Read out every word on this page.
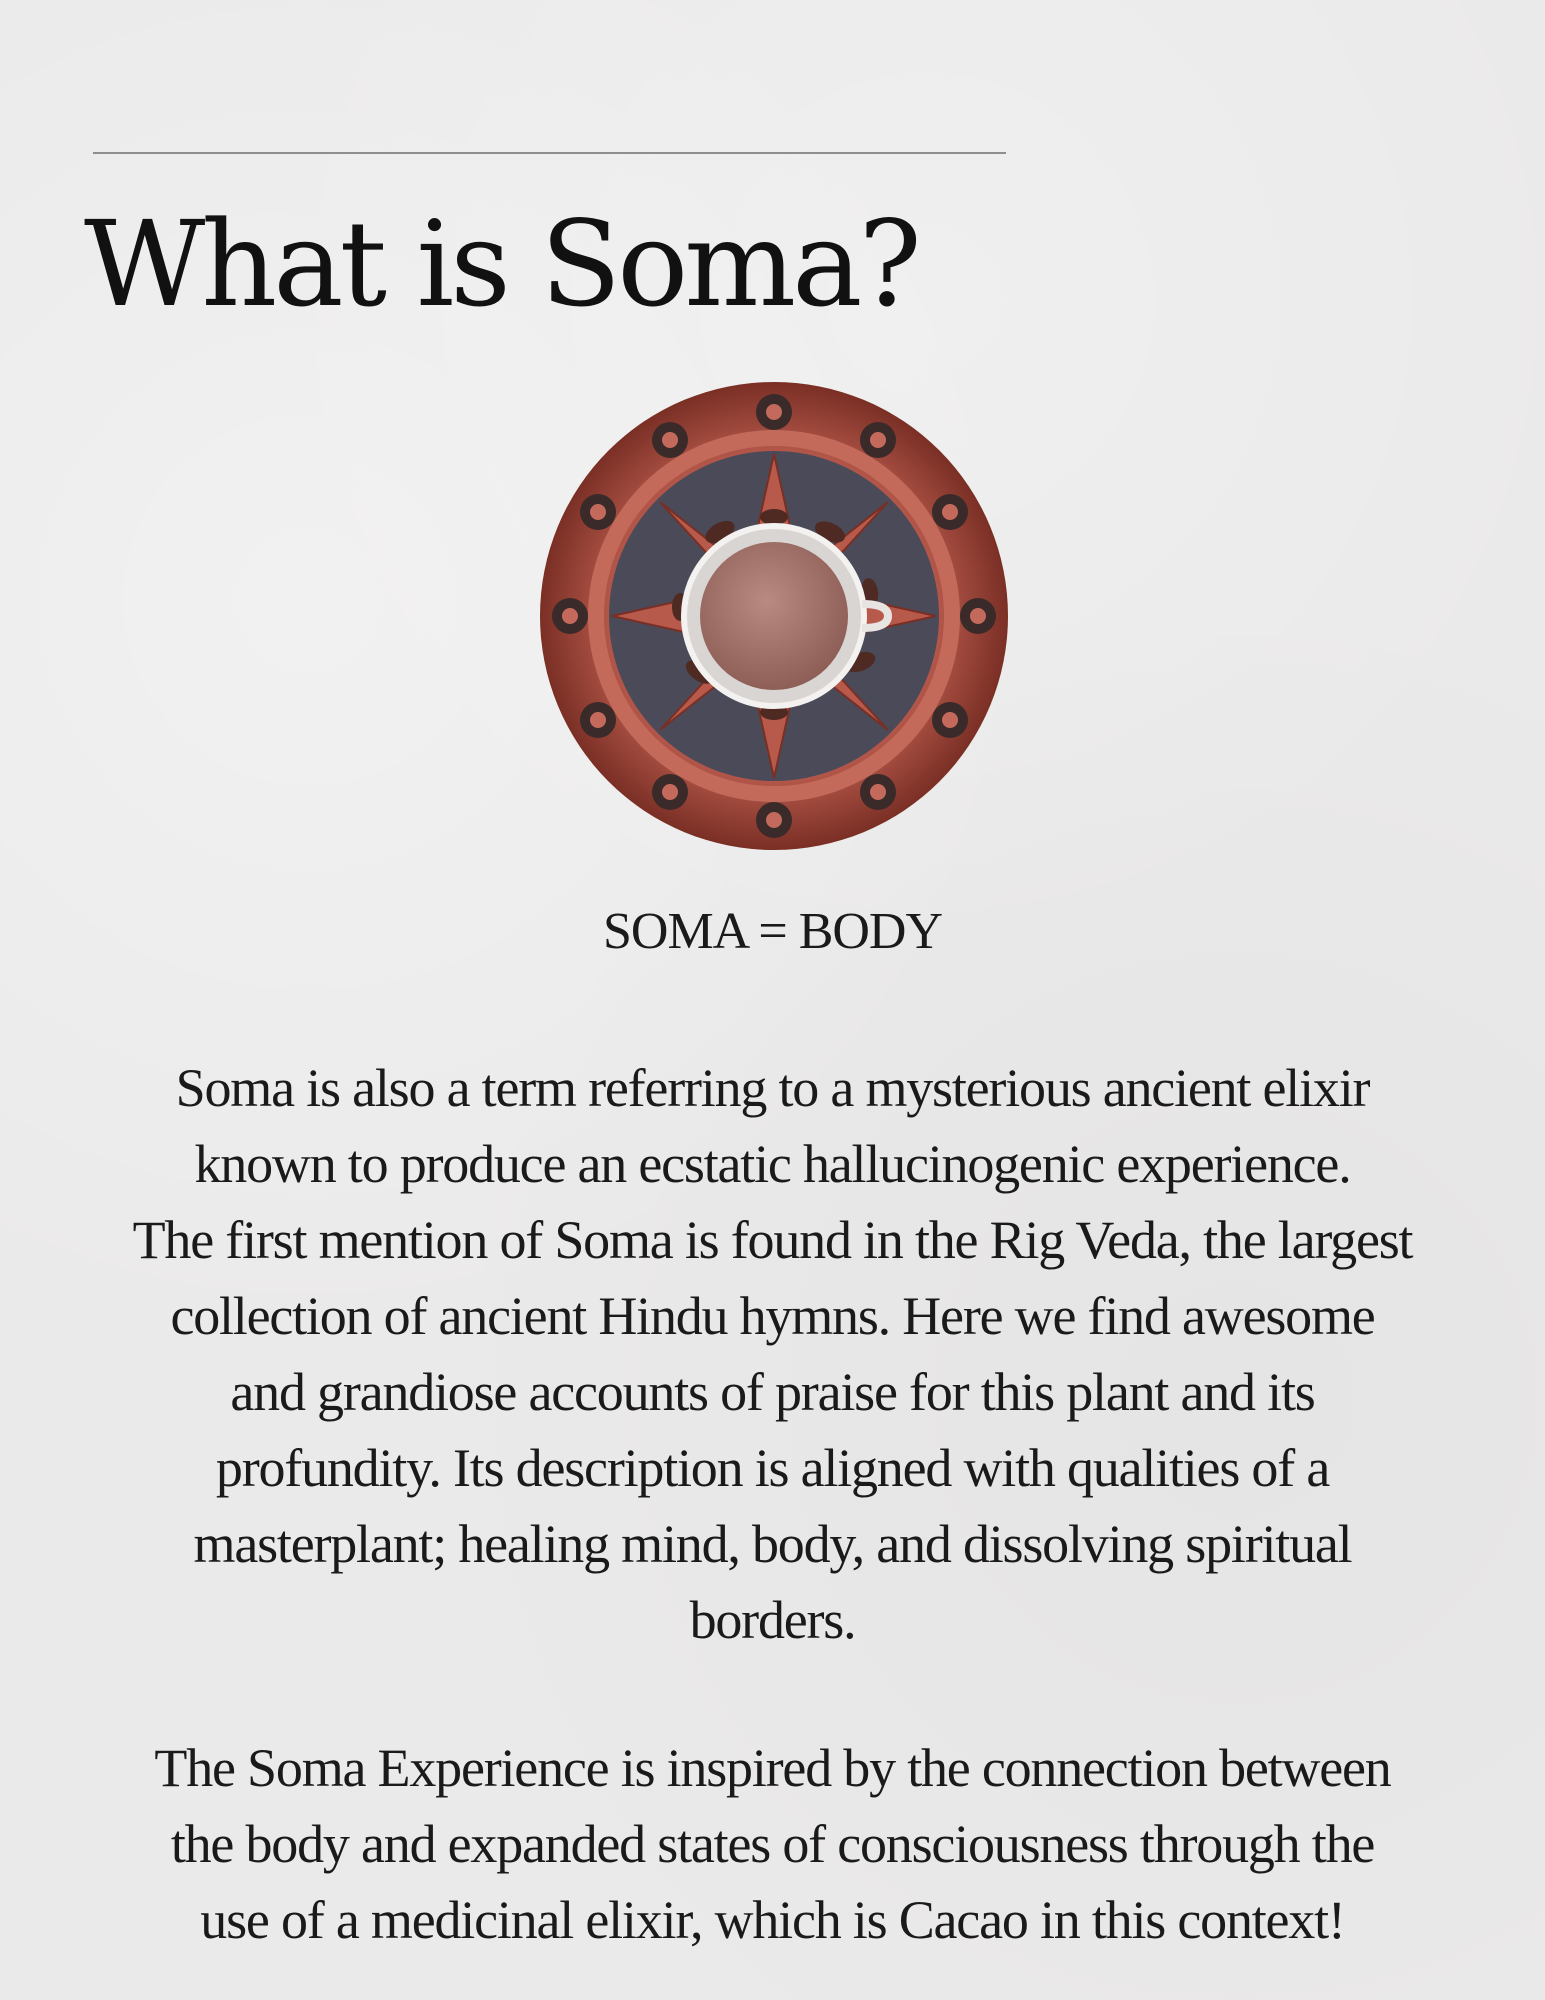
What is Soma?

SOMA = BODY

Soma is also a term referring to a mysterious ancient elixir
known to produce an ecstatic hallucinogenic experience.
The first mention of Soma is found in the Rig Veda, the largest
collection of ancient Hindu hymns. Here we find awesome
and grandiose accounts of praise for this plant and its
profundity. Its description is aligned with qualities of a
masterplant; healing mind, body, and dissolving spiritual
borders.

The Soma Experience is inspired by the connection between
the body and expanded states of consciousness through the
use of a medicinal elixir, which is Cacao in this context!
